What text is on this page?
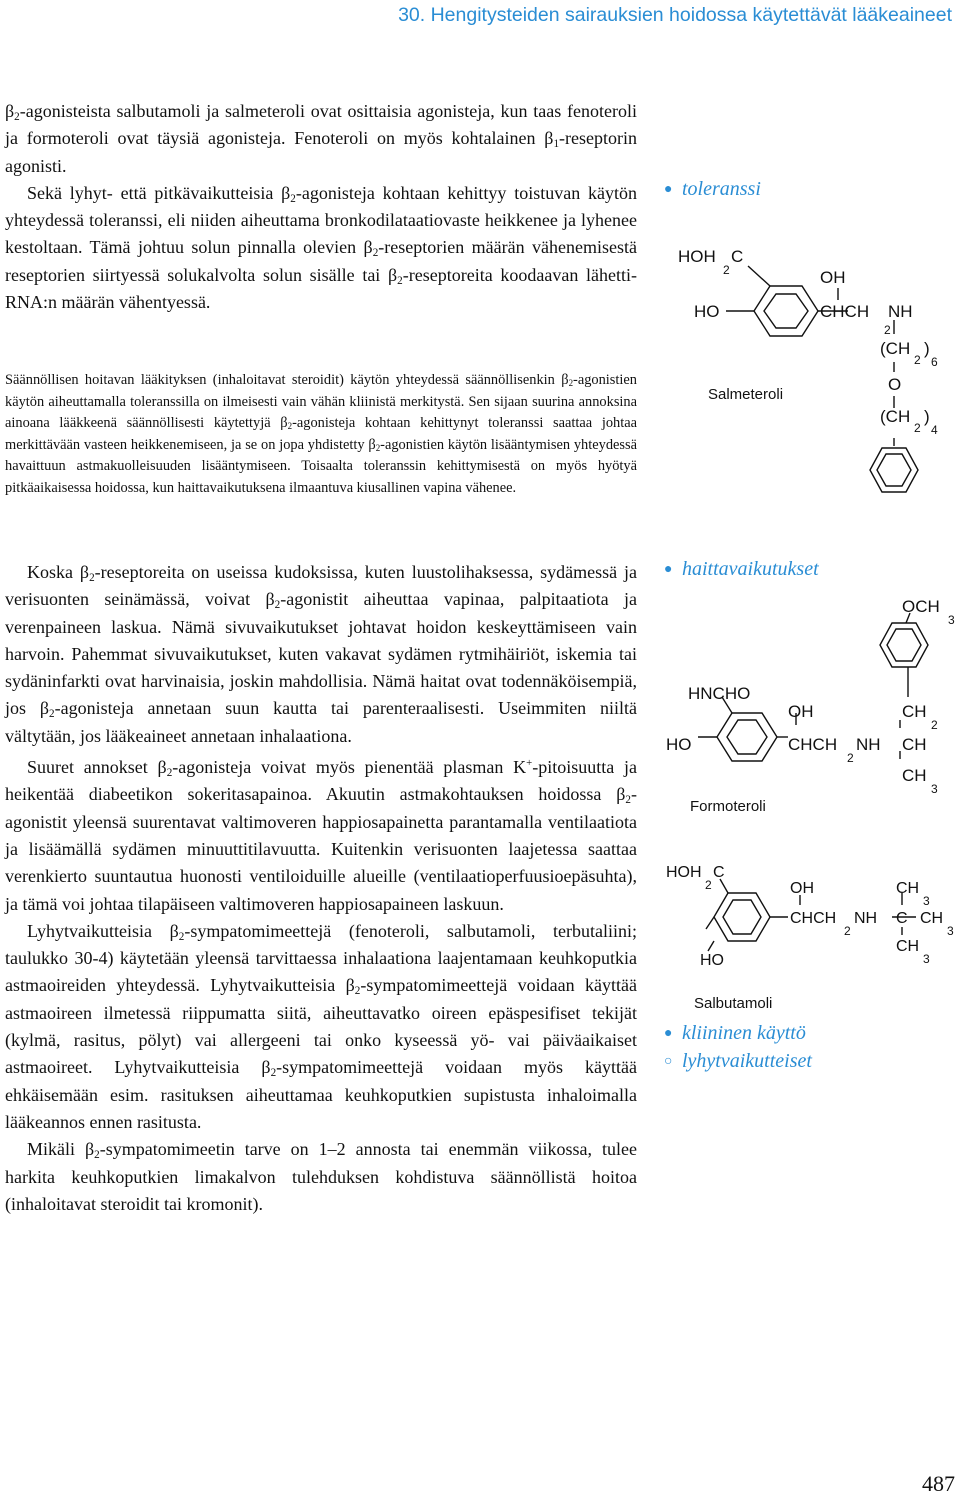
30. Hengitysteiden sairauksien hoidossa käytettävät lääkeaineet

$\beta_2$-agonisteista salbutamoli ja salmeteroli ovat osittaisia agonisteja, kun taas fenoteroli ja formoteroli ovat täysiä agonisteja. Fenoteroli on myös kohtalainen $\beta_1$-reseptorin agonisti.

Sekä lyhyt- että pitkävaikutteisia $\beta_2$-agonisteja kohtaan kehittyy toistuvan käytön yhteydessä toleranssi, eli niiden aiheuttama bronkodilataatiovaste heikkenee ja lyhenee kestoltaan. Tämä johtuu solun pinnalla olevien $\beta_2$-reseptorien määrän vähenemisestä reseptorien siirtyessä solukalvolta solun sisälle tai $\beta_2$-reseptoreita koodaavan lähetti-RNA:n määrän vähentyessä.

Säännöllisen hoitavan lääkityksen (inhaloitavat steroidit) käytön yhteydessä säännöllisenkin $\beta_2$-agonistien käytön aiheuttamalla toleranssilla on ilmeisesti vain vähän kliinistä merkitystä. Sen sijaan suurina annoksina ainoana lääkkeenä säännöllisesti käytettyjä $\beta_2$-agonisteja kohtaan kehittynyt toleranssi saattaa johtaa merkittävään vasteen heikkenemiseen, ja se on jopa yhdistetty $\beta_2$-agonistien käytön lisääntymisen yhteydessä havaittuun astmakuolleisuuden lisääntymiseen. Toisaalta toleranssin kehittymisestä on myös hyötyä pitkäaikaisessa hoidossa, kun haittavaikutuksena ilmaantuva kiusallinen vapina vähenee.

Koska $\beta_2$-reseptoreita on useissa kudoksissa, kuten luustolihaksessa, sydämessä ja verisuonten seinämässä, voivat $\beta_2$-agonistit aiheuttaa vapinaa, palpitaatiota ja verenpaineen laskua. Nämä sivuvaikutukset johtavat hoidon keskeyttämiseen vain harvoin. Pahemmat sivuvaikutukset, kuten vakavat sydämen rytmihäiriöt, iskemia tai sydäninfarkti ovat harvinaisia, joskin mahdollisia. Nämä haitat ovat todennäköisempiä, jos $\beta_2$-agonisteja annetaan suun kautta tai parenteraalisesti. Useimmiten niiltä vältytään, jos lääkeaineet annetaan inhalaationa.

Suuret annokset $\beta_2$-agonisteja voivat myös pienentää plasman K+-pitoisuutta ja heikentää diabeetikon sokeritasapainoa. Akuutin astmakohtauksen hoidossa $\beta_2$-agonistit yleensä suurentavat valtimoveren happiosapainetta parantamalla ventilaatiota ja lisäämällä sydämen minuuttitilavuutta. Kuitenkin verisuonten laajetessa saattaa verenkierto suuntautua huonosti ventiloiduille alueille (ventilaatioperfuusioepäsuhta), ja tämä voi johtaa tilapäiseen valtimoveren happiosapaineen laskuun.

Lyhytvaikutteisia $\beta_2$-sympatomimeettejä (fenoteroli, salbutamoli, terbutaliini; taulukko 30-4) käytetään yleensä tarvittaessa inhalaationa laajentamaan keuhkoputkia astmaoireiden yhteydessä. Lyhytvaikutteisia $\beta_2$-sympatomimeettejä voidaan käyttää astmaoireen ilmetessä riippumatta siitä, aiheuttavatko oireen epäspesifiset tekijät (kylmä, rasitus, pölyt) vai allergeeni tai onko kyseessä yö- vai päiväaikaiset astmaoireet. Lyhytvaikutteisia $\beta_2$-sympatomimeettejä voidaan myös käyttää ehkäisemään esim. rasituksen aiheuttamaa keuhkoputkien supistusta inhaloimalla lääkeannos ennen rasitusta.

Mikäli $\beta_2$-sympatomimeetin tarve on 1–2 annosta tai enemmän viikossa, tulee harkita keuhkoputkien limakalvon tulehduksen kohdistuva säännöllistä hoitoa (inhaloitavat steroidit tai kromonit).

● toleranssi
● haittavaikutukset
● kliininen käyttö
○ lyhytvaikutteiset
HOH
2
C
HO
OH
CHCH
2
NH
(CH
2
)
6
O
(CH
2
)
4
Salmeteroli
OCH
3
HNCHO
OH	CH
2
HO	CHCH
2
NH CH
CH
3
Formoteroli
HOH
2
C
OH	CH
3
CHCH
2
NH C CH
3
CH
3
HO
Salbutamoli
487
